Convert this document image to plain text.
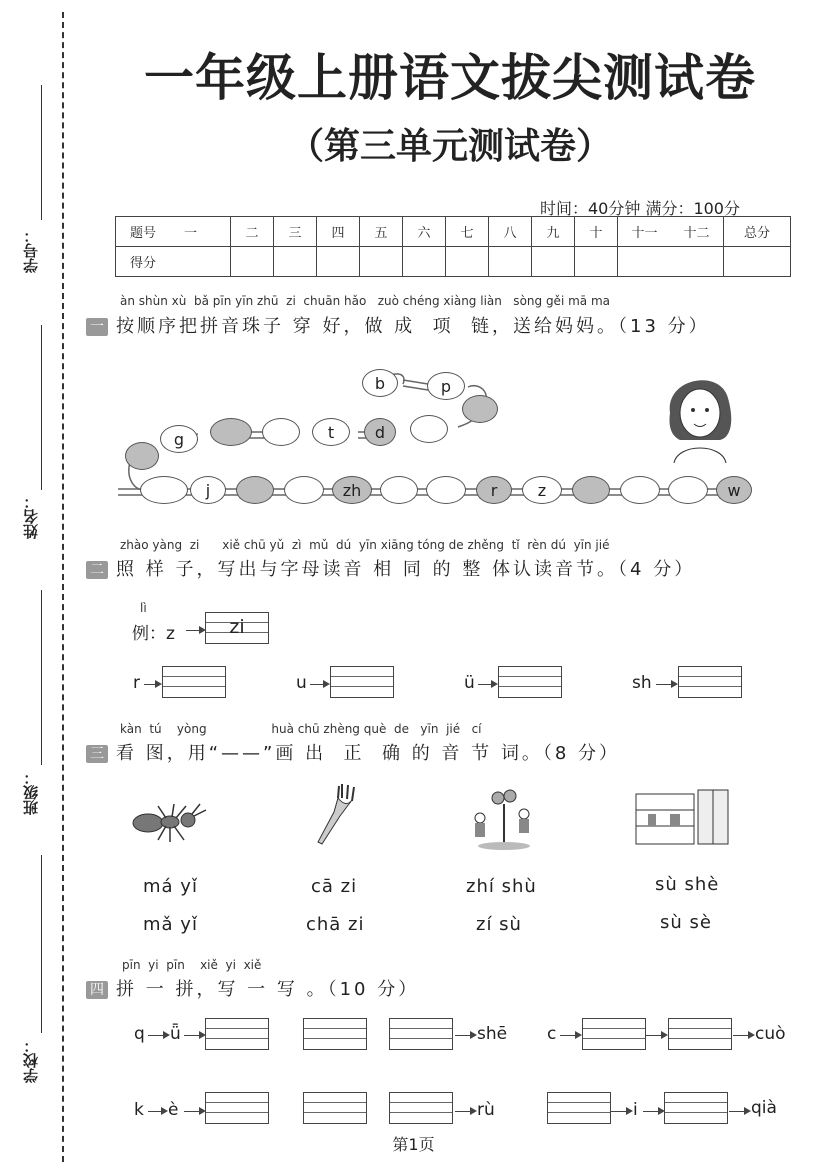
学号：
姓名：
班级：
学校：
一年级上册语文拔尖测试卷
（第三单元测试卷）
时间：40分钟 满分：100分
题号 一	二	三	四	五	六	七	八	九	十	十一 十二	总分
得分											
àn shùn xù  bǎ pīn yīn zhū  zi  chuān hǎo   zuò chéng xiàng liàn   sòng gěi mā ma
一 按顺序把拼音珠子 穿 好，做 成  项  链，送给妈妈。（13 分）
b	p
d
t
g
j	zh	r	z	w
zhào yàng  zi      xiě chū yǔ  zì  mǔ  dú  yīn xiāng tóng de zhěng  tǐ  rèn dú  yīn jié
二 照 样 子，写出与字母读音 相 同 的 整 体认读音节。（4 分）
lì
例：z	zi
r	u	ü	sh
kàn  tú    yòng                 huà chū zhèng què  de   yīn  jié   cí
三 看 图，用“——”画 出  正  确 的 音 节 词。（8 分）
má yǐ
mǎ yǐ
cā zi
chā zi
zhí shù
zí sù
sù shè
sù sè
pīn  yi  pīn    xiě  yi  xiě
四 拼 一 拼，写 一 写 。（10 分）
q ǖ	shē c	cuò
k è	rù	i	qià
第1页
